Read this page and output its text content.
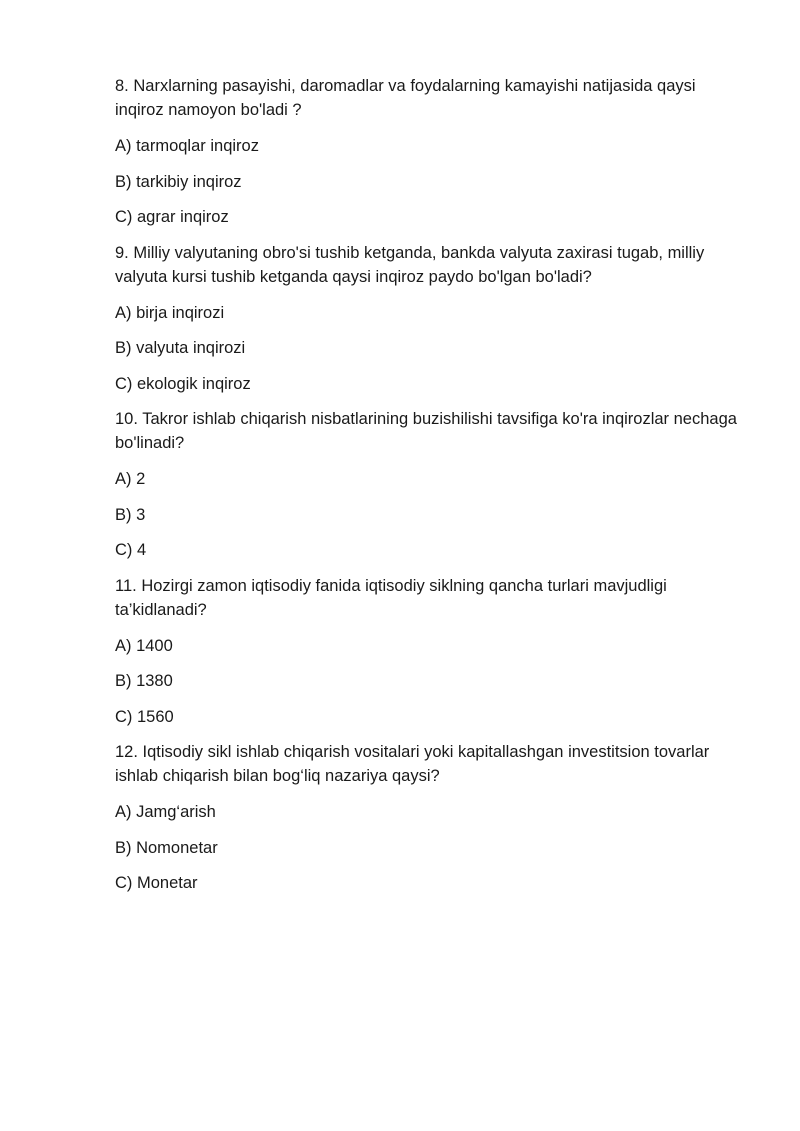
8. Narxlarning pasayishi, daromadlar va foydalarning kamayishi natijasida qaysi inqiroz namoyon bo'ladi ?

A) tarmoqlar inqiroz

B) tarkibiy inqiroz

C) agrar inqiroz

9. Milliy valyutaning obro'si tushib ketganda, bankda valyuta zaxirasi tugab, milliy valyuta kursi tushib ketganda qaysi inqiroz paydo bo'lgan bo'ladi?

A) birja inqirozi

B) valyuta inqirozi

C) ekologik inqiroz

10. Takror ishlab chiqarish nisbatlarining buzishilishi tavsifiga ko'ra inqirozlar nechaga bo'linadi?

A) 2

B) 3

C) 4

11. Hozirgi zamon iqtisodiy fanida iqtisodiy siklning qancha turlari mavjudligi ta’kidlanadi?

A) 1400

B) 1380

C) 1560

12. Iqtisodiy sikl ishlab chiqarish vositalari yoki kapitallashgan investitsion tovarlar ishlab chiqarish bilan bog‘liq nazariya qaysi?

A) Jamg‘arish

B) Nomonetar

C) Monetar
